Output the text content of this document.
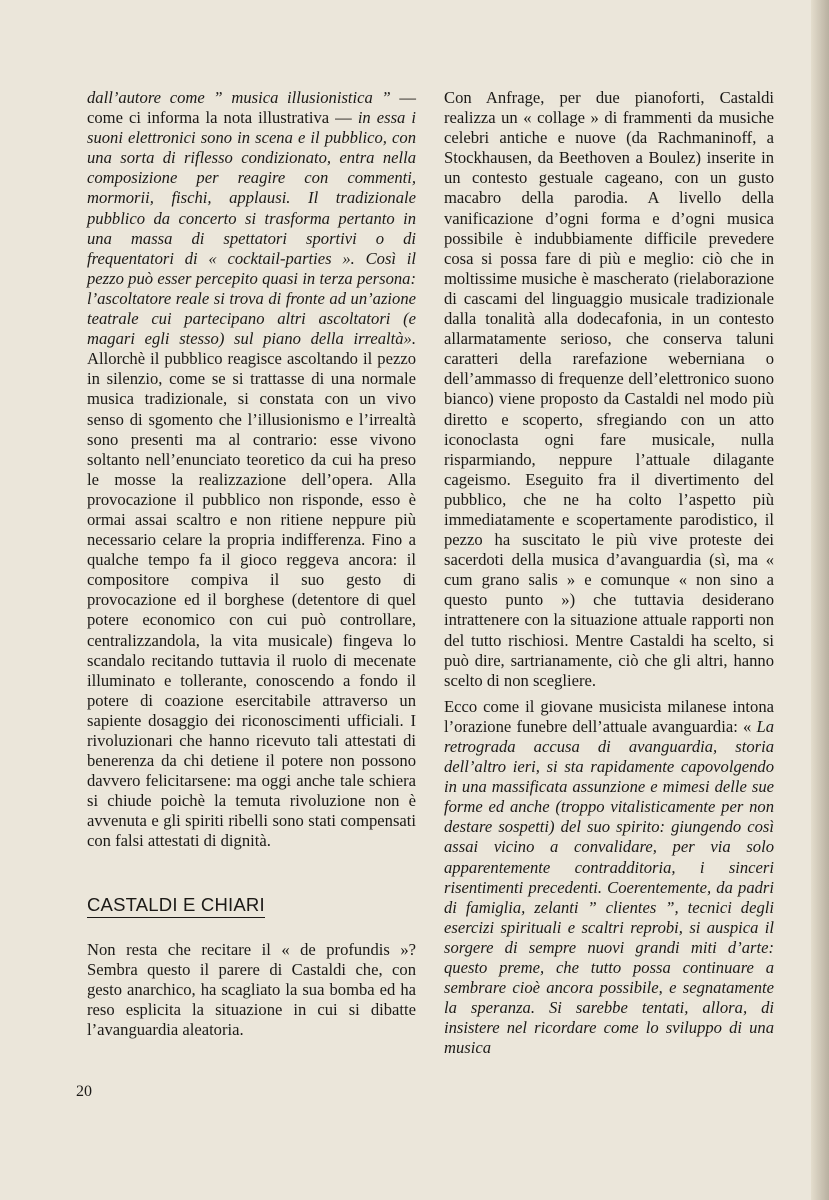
dall’autore come ” musica illusionistica ” — come ci informa la nota illustrativa — in essa i suoni elettronici sono in scena e il pubblico, con una sorta di riflesso condizionato, entra nella composizione per reagire con commenti, mormorii, fischi, applausi. Il tradizionale pubblico da concerto si trasforma pertanto in una massa di spettatori sportivi o di frequentatori di « cocktail-parties ». Così il pezzo può esser percepito quasi in terza persona: l’ascoltatore reale si trova di fronte ad un’azione teatrale cui partecipano altri ascoltatori (e magari egli stesso) sul piano della irrealtà». Allorchè il pubblico reagisce ascoltando il pezzo in silenzio, come se si trattasse di una normale musica tradizionale, si constata con un vivo senso di sgomento che l’illusionismo e l’irrealtà sono presenti ma al contrario: esse vivono soltanto nell’enunciato teoretico da cui ha preso le mosse la realizzazione dell’opera. Alla provocazione il pubblico non risponde, esso è ormai assai scaltro e non ritiene neppure più necessario celare la propria indifferenza. Fino a qualche tempo fa il gioco reggeva ancora: il compositore compiva il suo gesto di provocazione ed il borghese (detentore di quel potere economico con cui può controllare, centralizzandola, la vita musicale) fingeva lo scandalo recitando tuttavia il ruolo di mecenate illuminato e tollerante, conoscendo a fondo il potere di coazione esercitabile attraverso un sapiente dosaggio dei riconoscimenti ufficiali. I rivoluzionari che hanno ricevuto tali attestati di benerenza da chi detiene il potere non possono davvero felicitarsene: ma oggi anche tale schiera si chiude poichè la temuta rivoluzione non è avvenuta e gli spiriti ribelli sono stati compensati con falsi attestati di dignità.

CASTALDI E CHIARI

Non resta che recitare il « de profundis »? Sembra questo il parere di Castaldi che, con gesto anarchico, ha scagliato la sua bomba ed ha reso esplicita la situazione in cui si dibatte l’avanguardia aleatoria.

Con Anfrage, per due pianoforti, Castaldi realizza un « collage » di frammenti da musiche celebri antiche e nuove (da Rachmaninoff, a Stockhausen, da Beethoven a Boulez) inserite in un contesto gestuale cageano, con un gusto macabro della parodia. A livello della vanificazione d’ogni forma e d’ogni musica possibile è indubbiamente difficile prevedere cosa si possa fare di più e meglio: ciò che in moltissime musiche è mascherato (rielaborazione di cascami del linguaggio musicale tradizionale dalla tonalità alla dodecafonia, in un contesto allarmatamente serioso, che conserva taluni caratteri della rarefazione weberniana o dell’ammasso di frequenze dell’elettronico suono bianco) viene proposto da Castaldi nel modo più diretto e scoperto, sfregiando con un atto iconoclasta ogni fare musicale, nulla risparmiando, neppure l’attuale dilagante cageismo. Eseguito fra il divertimento del pubblico, che ne ha colto l’aspetto più immediatamente e scopertamente parodistico, il pezzo ha suscitato le più vive proteste dei sacerdoti della musica d’avanguardia (sì, ma « cum grano salis » e comunque « non sino a questo punto ») che tuttavia desiderano intrattenere con la situazione attuale rapporti non del tutto rischiosi. Mentre Castaldi ha scelto, si può dire, sartrianamente, ciò che gli altri, hanno scelto di non scegliere.

Ecco come il giovane musicista milanese intona l’orazione funebre dell’attuale avanguardia: « La retrograda accusa di avanguardia, storia dell’altro ieri, si sta rapidamente capovolgendo in una massificata assunzione e mimesi delle sue forme ed anche (troppo vitalisticamente per non destare sospetti) del suo spirito: giungendo così assai vicino a convalidare, per via solo apparentemente contradditoria, i sinceri risentimenti precedenti. Coerentemente, da padri di famiglia, zelanti ” clientes ”, tecnici degli esercizi spirituali e scaltri reprobi, si auspica il sorgere di sempre nuovi grandi miti d’arte: questo preme, che tutto possa continuare a sembrare cioè ancora possibile, e segnatamente la speranza. Si sarebbe tentati, allora, di insistere nel ricordare come lo sviluppo di una musica

20
